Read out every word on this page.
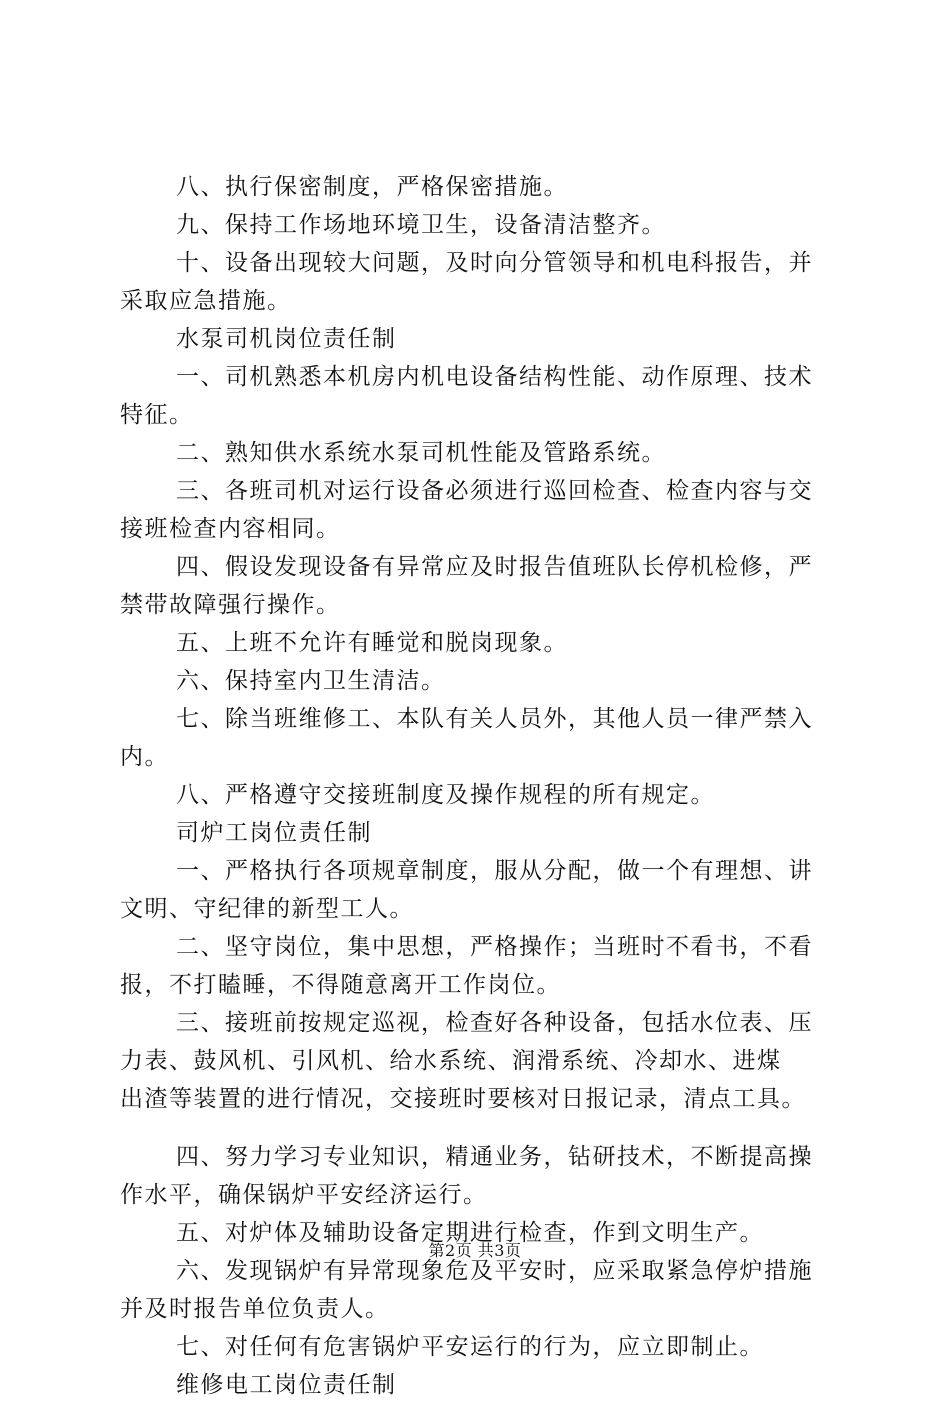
八、执行保密制度，严格保密措施。
九、保持工作场地环境卫生，设备清洁整齐。
十、设备出现较大问题，及时向分管领导和机电科报告，并
采取应急措施。
水泵司机岗位责任制
一、司机熟悉本机房内机电设备结构性能、动作原理、技术
特征。
二、熟知供水系统水泵司机性能及管路系统。
三、各班司机对运行设备必须进行巡回检查、检查内容与交
接班检查内容相同。
四、假设发现设备有异常应及时报告值班队长停机检修，严
禁带故障强行操作。
五、上班不允许有睡觉和脱岗现象。
六、保持室内卫生清洁。
七、除当班维修工、本队有关人员外，其他人员一律严禁入
内。
八、严格遵守交接班制度及操作规程的所有规定。
司炉工岗位责任制
一、严格执行各项规章制度，服从分配，做一个有理想、讲
文明、守纪律的新型工人。
二、坚守岗位，集中思想，严格操作；当班时不看书，不看
报，不打瞌睡，不得随意离开工作岗位。
三、接班前按规定巡视，检查好各种设备，包括水位表、压
力表、鼓风机、引风机、给水系统、润滑系统、冷却水、进煤
出渣等装置的进行情况，交接班时要核对日报记录，清点工具。
四、努力学习专业知识，精通业务，钻研技术，不断提高操
作水平，确保锅炉平安经济运行。
五、对炉体及辅助设备定期进行检查，作到文明生产。
六、发现锅炉有异常现象危及平安时，应采取紧急停炉措施
并及时报告单位负责人。
七、对任何有危害锅炉平安运行的行为，应立即制止。
维修电工岗位责任制
第2页 共3页
